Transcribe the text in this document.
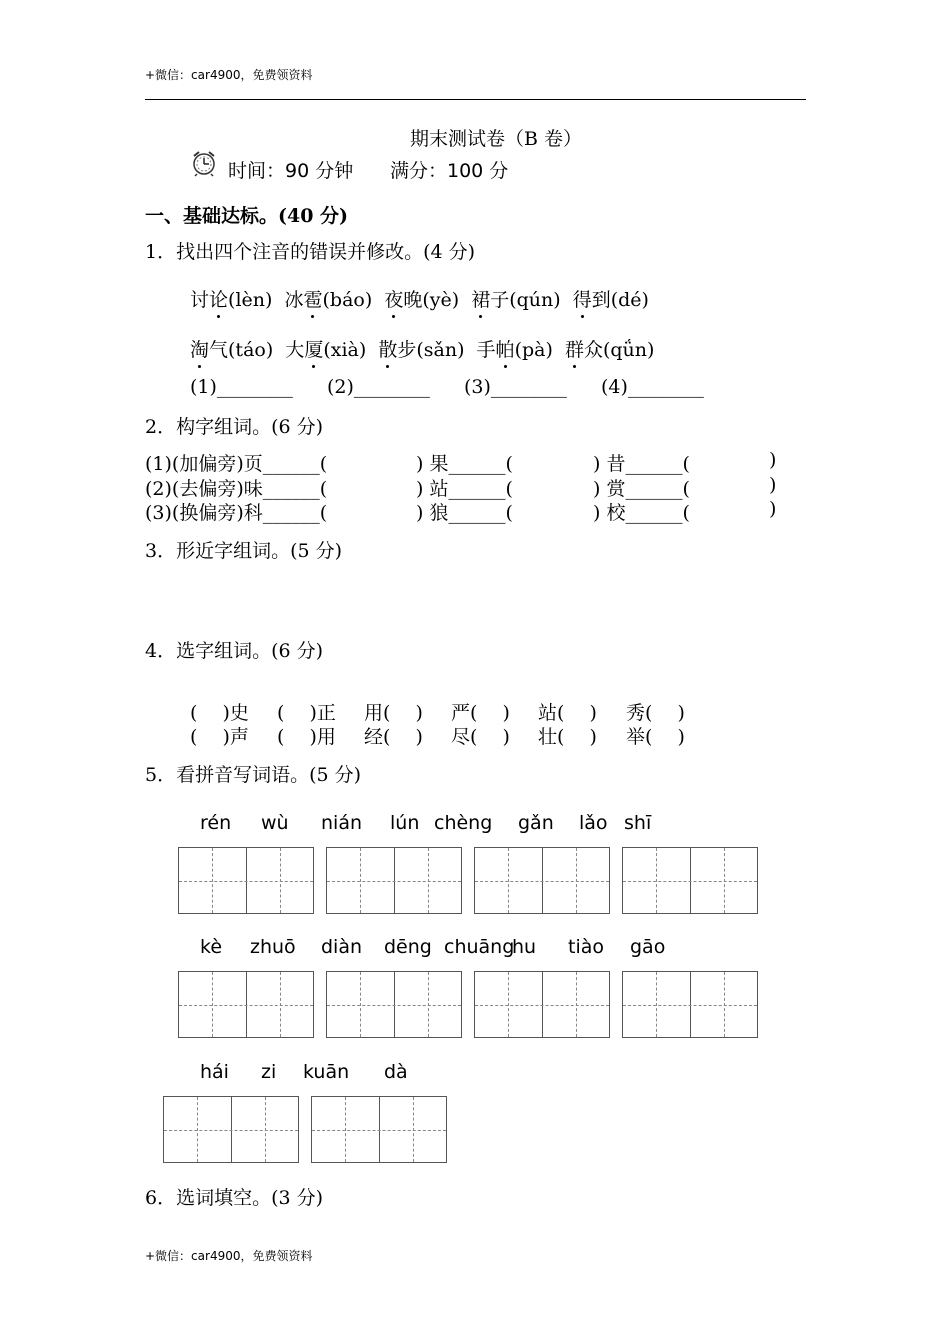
+微信：car4900，免费领资料
期末测试卷（B 卷）
时间：90 分钟 满分：100 分
一、基础达标。(40 分)
1．找出四个注音的错误并修改。(4 分)
讨论(lèn) 冰雹(báo) 夜晚(yè) 裙子(qún) 得到(dé)
淘气(táo) 大厦(xià) 散步(sǎn) 手帕(pà) 群众(qǘn)
(1)________ (2)________ (3)________ (4)________
2．构字组词。(6 分)
(1)(加偏旁)页______(	) 果______(	) 昔______(	)
(2)(去偏旁)味______(	) 站______(	) 赏______(	)
(3)(换偏旁)科______(	) 狼______(	) 校______(	)
3．形近字组词。(5 分)
4．选字组词。(6 分)
(　 )史 (　 )正 用(　 ) 严(　 ) 站(　 ) 秀(　 )
(　 )声 (　 )用 经(　 ) 尽(　 ) 壮(　 ) 举(　 )
5．看拼音写词语。(5 分)
rén wù nián lún chèng gǎn lǎo shī
kè zhuō diàn dēng chuāng
hu tiào gāo
hái zi kuān dà
6．选词填空。(3 分)
+微信：car4900，免费领资料
